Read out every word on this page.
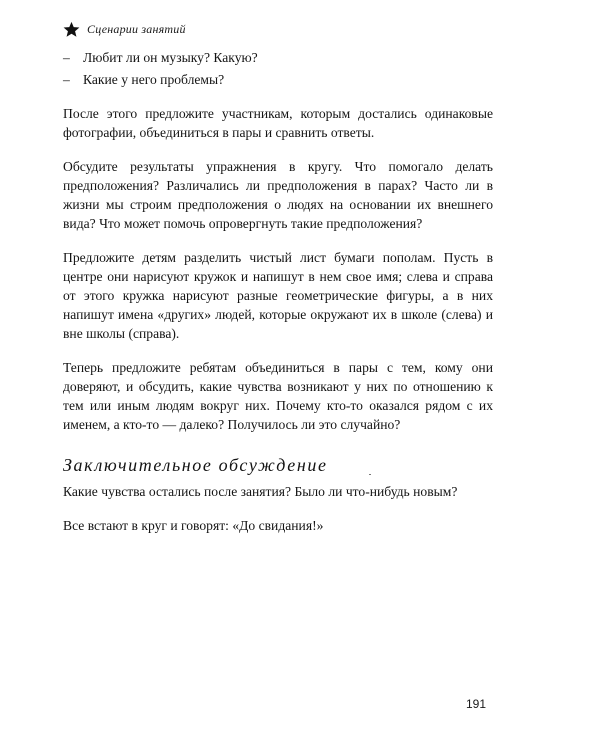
Сценарии занятий
– Любит ли он музыку? Какую?
– Какие у него проблемы?

После этого предложите участникам, которым достались одинаковые фотографии, объединиться в пары и сравнить ответы.

Обсудите результаты упражнения в кругу. Что помогало делать предположения? Различались ли предположения в парах? Часто ли в жизни мы строим предположения о людях на основании их внешнего вида? Что может помочь опровергнуть такие предположения?

Предложите детям разделить чистый лист бумаги пополам. Пусть в центре они нарисуют кружок и напишут в нем свое имя; слева и справа от этого кружка нарисуют разные геометрические фигуры, а в них напишут имена «других» людей, которые окружают их в школе (слева) и вне школы (справа).

Теперь предложите ребятам объединиться в пары с тем, кому они доверяют, и обсудить, какие чувства возникают у них по отношению к тем или иным людям вокруг них. Почему кто-то оказался рядом с их именем, а кто-то — далеко? Получилось ли это случайно?

Заключительное обсуждение

Какие чувства остались после занятия? Было ли что-нибудь новым?

Все встают в круг и говорят: «До свидания!»

191
